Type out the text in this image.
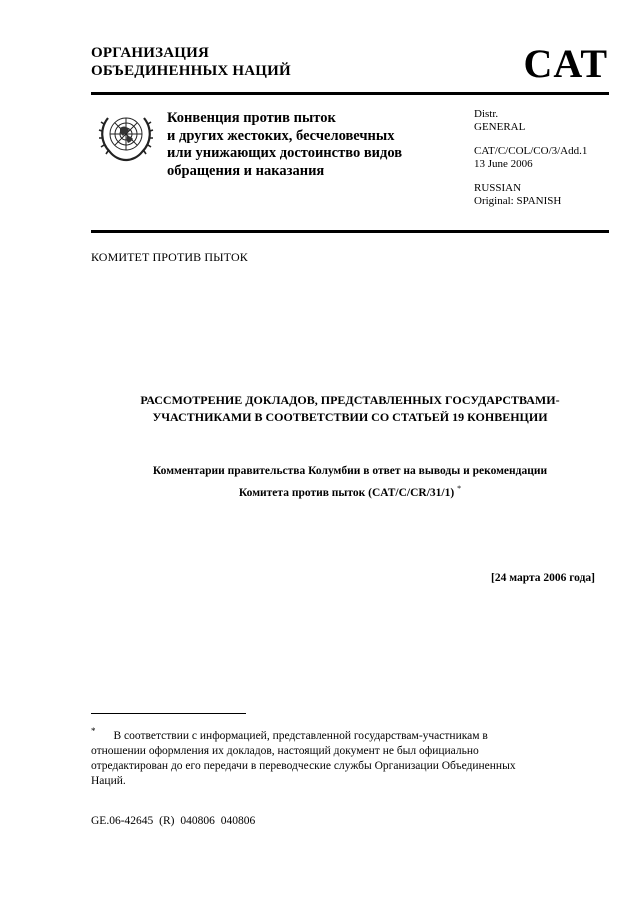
ОРГАНИЗАЦИЯ
ОБЪЕДИНЕННЫХ НАЦИЙ	CAT
Конвенция против пыток
и других жестоких, бесчеловечных
или унижающих достоинство видов
обращения и наказания
Distr.
GENERAL
CAT/C/COL/CO/3/Add.1
13 June 2006
RUSSIAN
Original: SPANISH
КОМИТЕТ ПРОТИВ ПЫТОК
РАССМОТРЕНИЕ ДОКЛАДОВ, ПРЕДСТАВЛЕННЫХ ГОСУДАРСТВАМИ-
УЧАСТНИКАМИ В СООТВЕТСТВИИ СО СТАТЬЕЙ 19 КОНВЕНЦИИ
Комментарии правительства Колумбии в ответ на выводы и рекомендации
Комитета против пыток (CAT/C/CR/31/1) *
[24 марта 2006 года]
* В соответствии с информацией, представленной государствам-участникам в
отношении оформления их докладов, настоящий документ не был официально
отредактирован до его передачи в переводческие службы Организации Объединенных
Наций.
GE.06-42645 (R) 040806 040806
